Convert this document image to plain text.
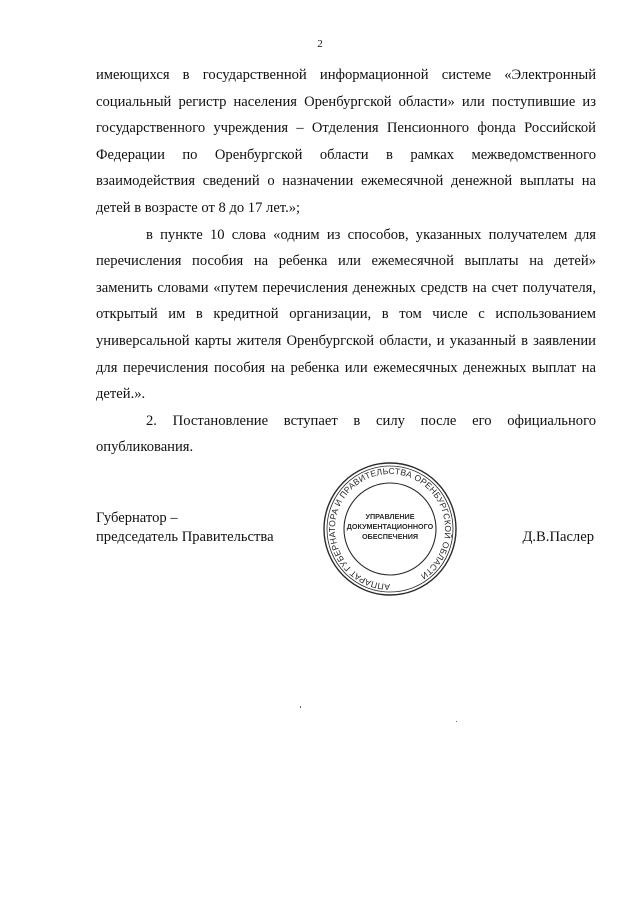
2

имеющихся в государственной информационной системе «Электронный

социальный регистр населения Оренбургской области» или поступившие из

государственного учреждения – Отделения Пенсионного фонда Российской

Федерации по Оренбургской области в рамках межведомственного

взаимодействия сведений о назначении ежемесячной денежной выплаты на

детей в возрасте от 8 до 17 лет.»;

в пункте 10 слова «одним из способов, указанных получателем для

перечисления пособия на ребенка или ежемесячной выплаты на детей»

заменить словами «путем перечисления денежных средств на счет получателя,

открытый им в кредитной организации, в том числе с использованием

универсальной карты жителя Оренбургской области, и указанный в заявлении

для перечисления пособия на ребенка или ежемесячных денежных выплат на

детей.».

2. Постановление вступает в силу после его официального

опубликования.

Губернатор –
председатель Правительства	Д.В.Паслер
АППАРАТ ГУБЕРНАТОРА И ПРАВИТЕЛЬСТВА ОРЕНБУРГСКОЙ ОБЛАСТИ
УПРАВЛЕНИЕ
ДОКУМЕНТАЦИОННОГО
ОБЕСПЕЧЕНИЯ
